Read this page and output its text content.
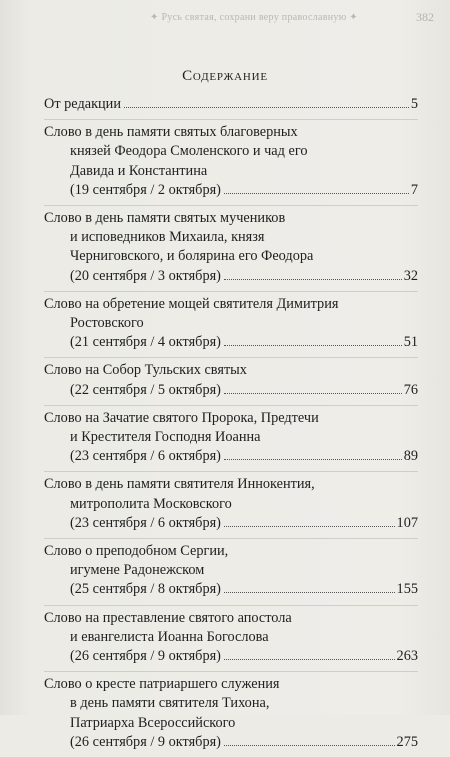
✦ Русь святая, сохрани веру православную ✦	382
Содержание
От редакции	5
Слово в день памяти святых благоверных
князей Феодора Смоленского и чад его
Давида и Константина
(19 сентября / 2 октября)	7
Слово в день памяти святых мучеников
и исповедников Михаила, князя
Черниговского, и болярина его Феодора
(20 сентября / 3 октября)	32
Слово на обретение мощей святителя Димитрия
Ростовского
(21 сентября / 4 октября)	51
Слово на Собор Тульских святых
(22 сентября / 5 октября)	76
Слово на Зачатие святого Пророка, Предтечи
и Крестителя Господня Иоанна
(23 сентября / 6 октября)	89
Слово в день памяти святителя Иннокентия,
митрополита Московского
(23 сентября / 6 октября)	107
Слово о преподобном Сергии,
игумене Радонежском
(25 сентября / 8 октября)	155
Слово на преставление святого апостола
и евангелиста Иоанна Богослова
(26 сентября / 9 октября)	263
Слово о кресте патриаршего служения
в день памяти святителя Тихона,
Патриарха Всероссийского
(26 сентября / 9 октября)	275
